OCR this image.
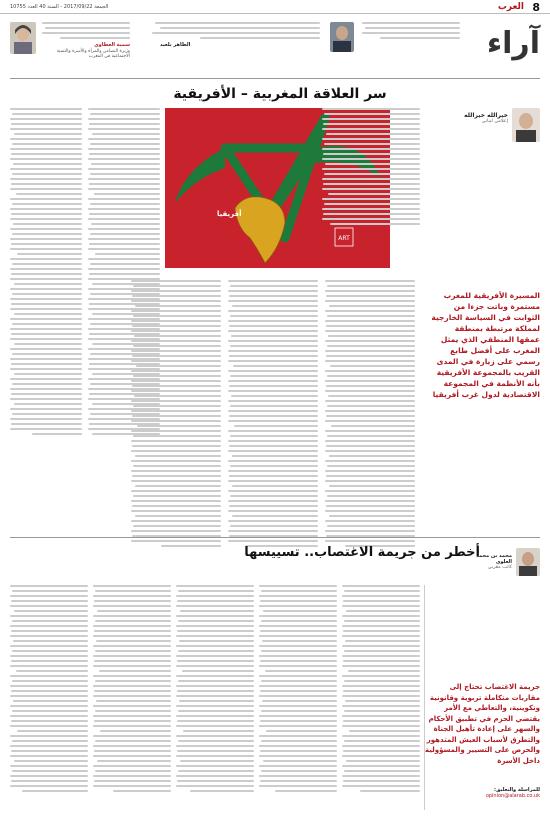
8
العرب
الجمعة 2017/09/22 - السنة 40 العدد 10755
آراء
سمية العطاوي
وزيرة التضامن والمرأة والأسرة والتنمية الاجتماعية في المغرب
الطاهر بلعيد
سر العلاقة المغربية – الأفريقية
خيرالله خيرالله
إعلامي لبناني
المسيرة الأفريقية للمغرب مستمرة وباتت جزءا من الثوابت في السياسة الخارجية لمملكة مرتبطة بمنطقة عمقها المنطقي الذي يمثل المغرب على أفضل طابع رسمي على زيارة في المدى القريب بالمجموعة الأفريقية بأنه الأنظمة في المجموعة الاقتصادية لدول غرب أفريقيا
ART
أفريقيا
أخطر من جريمة الاغتصاب.. تسييسها
محمد بن محمد العلوي
كاتب مغربي
جريمة الاغتصاب تحتاج إلى مقاربات متكاملة تربوية وقانونية وتكوينية، والتعاطي مع الأمر يقتضي الحزم في تطبيق الأحكام والسهر على إعادة تأهيل الجناة والتطرق لأسباب العيش المتدهور والحرص على التسيير والمسؤولية داخل الأسرة
للمراسلة والتعليق:
opinion@alarab.co.uk
